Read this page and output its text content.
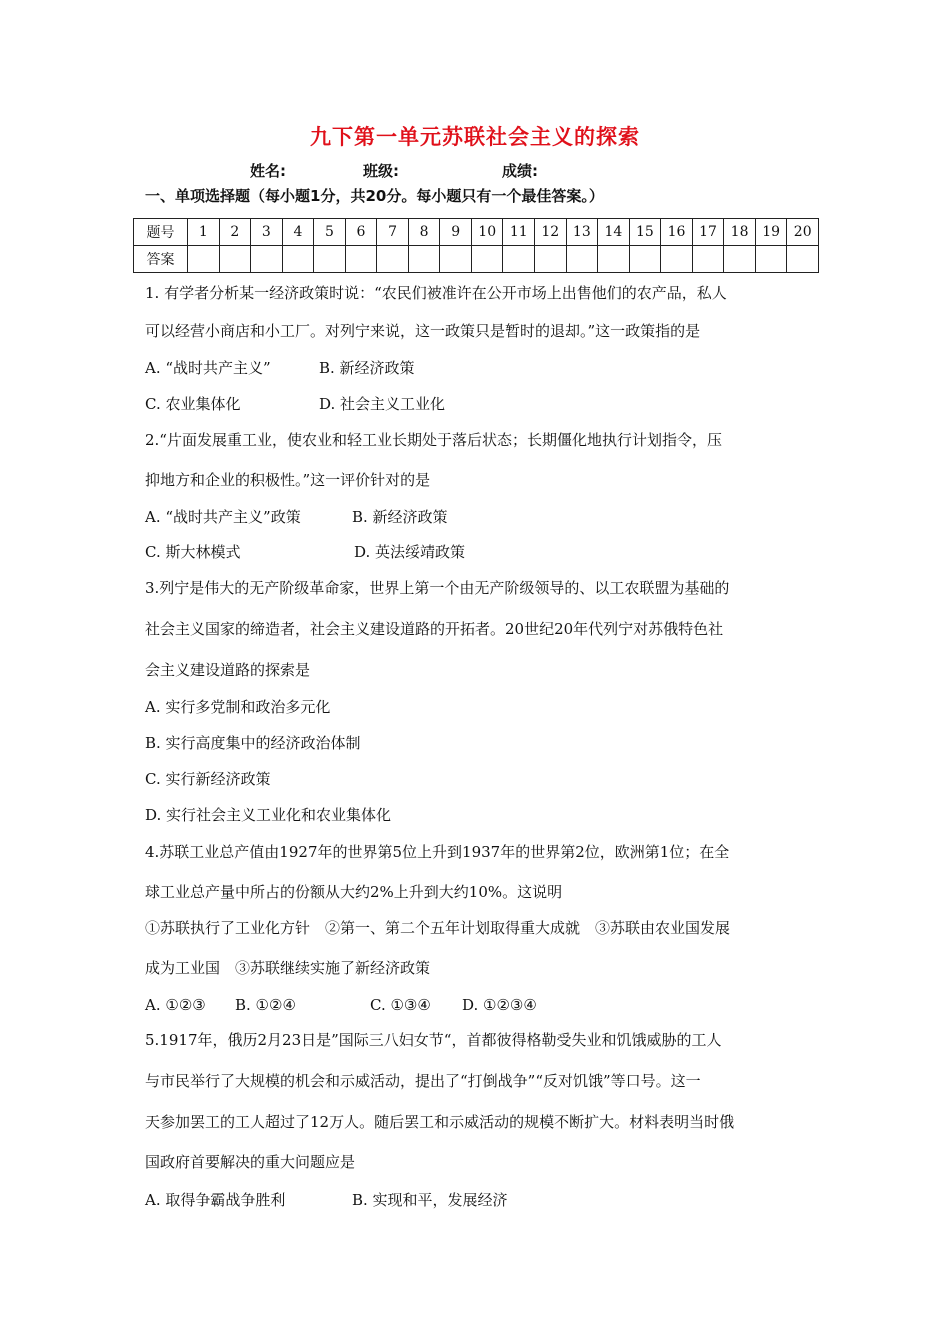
九下第一单元苏联社会主义的探索
姓名:	班级:	成绩:
一、单项选择题（每小题1分，共20分。每小题只有一个最佳答案。）
题号	1	2	3	4	5	6	7	8	9	10	11	12	13	14	15	16	17	18	19	20
答案																				
1. 有学者分析某一经济政策时说：“农民们被准许在公开市场上出售他们的农产品，私人
可以经营小商店和小工厂。对列宁来说，这一政策只是暂时的退却。”这一政策指的是
A. “战时共产主义”	B. 新经济政策
C. 农业集体化	D. 社会主义工业化
2.“片面发展重工业，使农业和轻工业长期处于落后状态；长期僵化地执行计划指令，压
抑地方和企业的积极性。”这一评价针对的是
A. “战时共产主义”政策	B. 新经济政策
C. 斯大林模式	D. 英法绥靖政策
3.列宁是伟大的无产阶级革命家，世界上第一个由无产阶级领导的、以工农联盟为基础的
社会主义国家的缔造者，社会主义建设道路的开拓者。20世纪20年代列宁对苏俄特色社
会主义建设道路的探索是
A. 实行多党制和政治多元化
B. 实行高度集中的经济政治体制
C. 实行新经济政策
D. 实行社会主义工业化和农业集体化
4.苏联工业总产值由1927年的世界第5位上升到1937年的世界第2位，欧洲第1位；在全
球工业总产量中所占的份额从大约2%上升到大约10%。这说明
①苏联执行了工业化方针　②第一、第二个五年计划取得重大成就　③苏联由农业国发展
成为工业国　③苏联继续实施了新经济政策
A. ①②③ B. ①②④	C. ①③④ D. ①②③④
5.1917年，俄历2月23日是”国际三八妇女节“，首都彼得格勒受失业和饥饿威胁的工人
与市民举行了大规模的机会和示威活动，提出了“打倒战争”“反对饥饿”等口号。这一
天参加罢工的工人超过了12万人。随后罢工和示威活动的规模不断扩大。材料表明当时俄
国政府首要解决的重大问题应是
A. 取得争霸战争胜利	B. 实现和平，发展经济
